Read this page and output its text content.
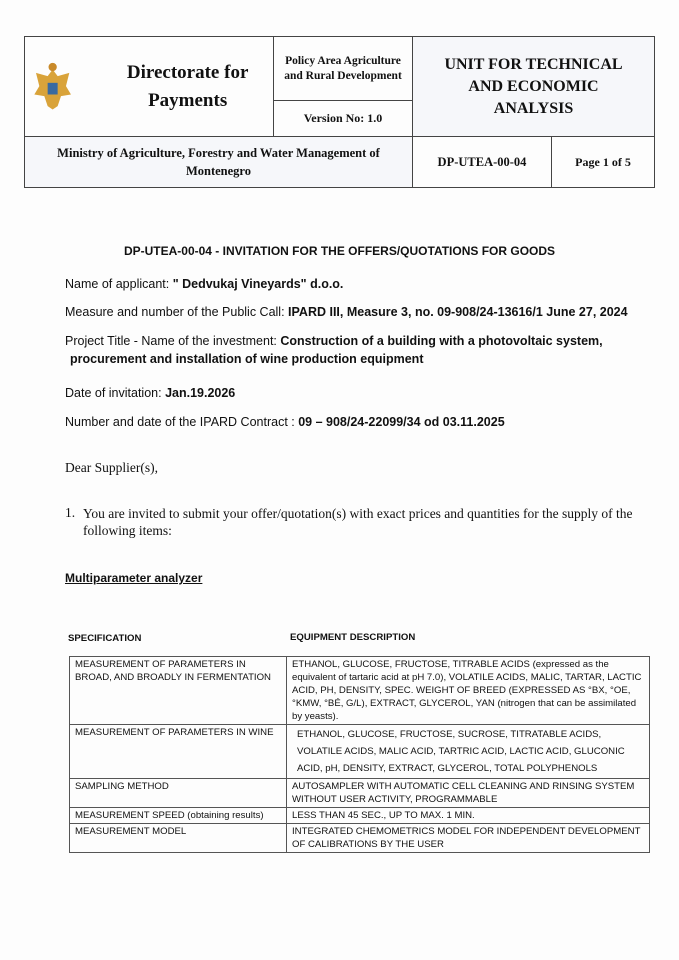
Directorate for Payments
Policy Area Agriculture and Rural Development
Version No: 1.0
UNIT FOR TECHNICAL AND ECONOMIC ANALYSIS
Ministry of Agriculture, Forestry and Water Management of Montenegro
DP-UTEA-00-04	Page 1 of 5
DP-UTEA-00-04 - INVITATION FOR THE OFFERS/QUOTATIONS FOR GOODS
Name of applicant: " Dedvukaj Vineyards" d.o.o.
Measure and number of the Public Call: IPARD III, Measure 3, no. 09-908/24-13616/1 June 27, 2024
Project Title - Name of the investment: Construction of a building with a photovoltaic system,
procurement and installation of wine production equipment
Date of invitation: Jan.19.2026
Number and date of the IPARD Contract : 09 – 908/24-22099/34 od 03.11.2025
Dear Supplier(s),
1. You are invited to submit your offer/quotation(s) with exact prices and quantities for the supply of the following items:
Multiparameter analyzer
SPECIFICATION	EQUIPMENT DESCRIPTION
MEASUREMENT OF PARAMETERS IN BROAD, AND BROADLY IN FERMENTATION	ETHANOL, GLUCOSE, FRUCTOSE, TITRABLE ACIDS (expressed as the equivalent of tartaric acid at pH 7.0), VOLATILE ACIDS, MALIC, TARTAR, LACTIC ACID, PH, DENSITY, SPEC. WEIGHT OF BREED (EXPRESSED AS °BX, °OE, °KMW, °BÉ, G/L), EXTRACT, GLYCEROL, YAN (nitrogen that can be assimilated by yeasts).
MEASUREMENT OF PARAMETERS IN WINE	ETHANOL, GLUCOSE, FRUCTOSE, SUCROSE, TITRATABLE ACIDS, VOLATILE ACIDS, MALIC ACID, TARTRIC ACID, LACTIC ACID, GLUCONIC ACID, pH, DENSITY, EXTRACT, GLYCEROL, TOTAL POLYPHENOLS
SAMPLING METHOD	AUTOSAMPLER WITH AUTOMATIC CELL CLEANING AND RINSING SYSTEM WITHOUT USER ACTIVITY, PROGRAMMABLE
MEASUREMENT SPEED (obtaining results)	LESS THAN 45 SEC., UP TO MAX. 1 MIN.
MEASUREMENT MODEL	INTEGRATED CHEMOMETRICS MODEL FOR INDEPENDENT DEVELOPMENT OF CALIBRATIONS BY THE USER
